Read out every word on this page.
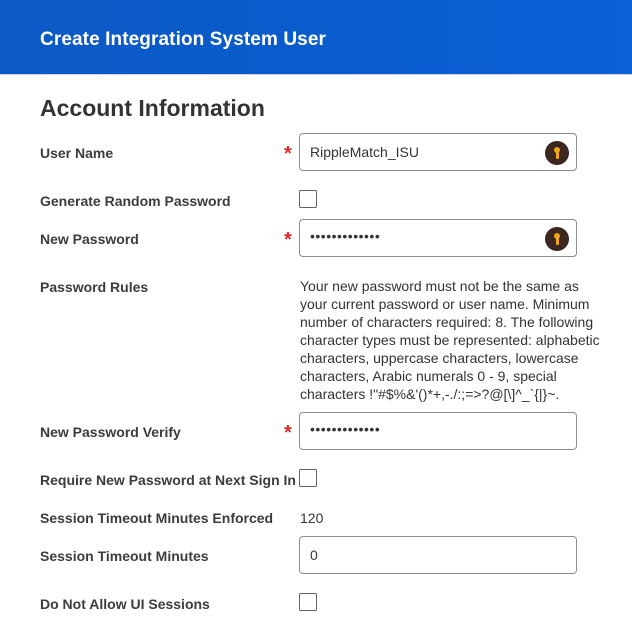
Create Integration System User
Account Information
User Name	* RippleMatch_ISU
Generate Random Password
New Password	* •••••••••••••
Password Rules	Your new password must not be the same as your current password or user name. Minimum number of characters required: 8. The following character types must be represented: alphabetic characters, uppercase characters, lowercase characters, Arabic numerals 0 - 9, special characters !"#$%&'()*+,-./:;=>?@[\]^_`{|}~.
New Password Verify	* •••••••••••••
Require New Password at Next Sign In
Session Timeout Minutes Enforced 120
Session Timeout Minutes	0
Do Not Allow UI Sessions
